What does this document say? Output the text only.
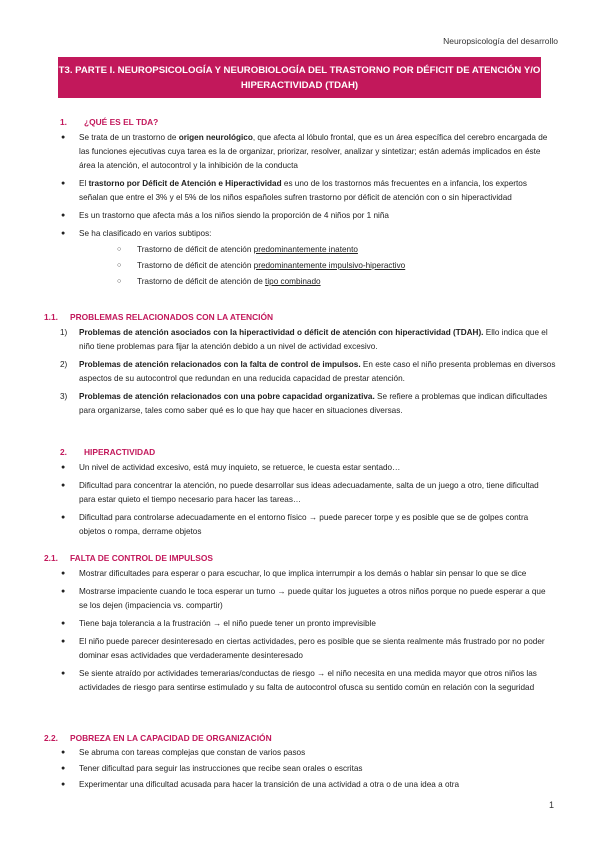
Neuropsicología del desarrollo
T3. PARTE I. NEUROPSICOLOGÍA Y NEUROBIOLOGÍA DEL TRASTORNO POR DÉFICIT DE ATENCIÓN Y/O
HIPERACTIVIDAD (TDAH)
1. ¿QUÉ ES EL TDA?
● Se trata de un trastorno de origen neurológico, que afecta al lóbulo frontal, que es un área específica del cerebro encargada de las funciones ejecutivas cuya tarea es la de organizar, priorizar, resolver, analizar y sintetizar; están además implicados en éste área la atención, el autocontrol y la inhibición de la conducta
● El trastorno por Déficit de Atención e Hiperactividad es uno de los trastornos más frecuentes en a infancia, los expertos señalan que entre el 3% y el 5% de los niños españoles sufren trastorno por déficit de atención con o sin hiperactividad
● Es un trastorno que afecta más a los niños siendo la proporción de 4 niños por 1 niña
● Se ha clasificado en varios subtipos:
○ Trastorno de déficit de atención predominantemente inatento
○ Trastorno de déficit de atención predominantemente impulsivo-hiperactivo
○ Trastorno de déficit de atención de tipo combinado
1.1. PROBLEMAS RELACIONADOS CON LA ATENCIÓN
1) Problemas de atención asociados con la hiperactividad o déficit de atención con hiperactividad (TDAH). Ello indica que el niño tiene problemas para fijar la atención debido a un nivel de actividad excesivo.
2) Problemas de atención relacionados con la falta de control de impulsos. En este caso el niño presenta problemas en diversos aspectos de su autocontrol que redundan en una reducida capacidad de prestar atención.
3) Problemas de atención relacionados con una pobre capacidad organizativa. Se refiere a problemas que indican dificultades para organizarse, tales como saber qué es lo que hay que hacer en situaciones diversas.
2. HIPERACTIVIDAD
● Un nivel de actividad excesivo, está muy inquieto, se retuerce, le cuesta estar sentado…
● Dificultad para concentrar la atención, no puede desarrollar sus ideas adecuadamente, salta de un juego a otro, tiene dificultad para estar quieto el tiempo necesario para hacer las tareas…
● Dificultad para controlarse adecuadamente en el entorno físico → puede parecer torpe y es posible que se de golpes contra objetos o rompa, derrame objetos
2.1. FALTA DE CONTROL DE IMPULSOS
● Mostrar dificultades para esperar o para escuchar, lo que implica interrumpir a los demás o hablar sin pensar lo que se dice
● Mostrarse impaciente cuando le toca esperar un turno → puede quitar los juguetes a otros niños porque no puede esperar a que se los dejen (impaciencia vs. compartir)
● Tiene baja tolerancia a la frustración → el niño puede tener un pronto imprevisible
● El niño puede parecer desinteresado en ciertas actividades, pero es posible que se sienta realmente más frustrado por no poder dominar esas actividades que verdaderamente desinteresado
● Se siente atraído por actividades temerarias/conductas de riesgo → el niño necesita en una medida mayor que otros niños las actividades de riesgo para sentirse estimulado y su falta de autocontrol ofusca su sentido común en relación con la seguridad
2.2. POBREZA EN LA CAPACIDAD DE ORGANIZACIÓN
● Se abruma con tareas complejas que constan de varios pasos
● Tener dificultad para seguir las instrucciones que recibe sean orales o escritas
● Experimentar una dificultad acusada para hacer la transición de una actividad a otra o de una idea a otra
1
